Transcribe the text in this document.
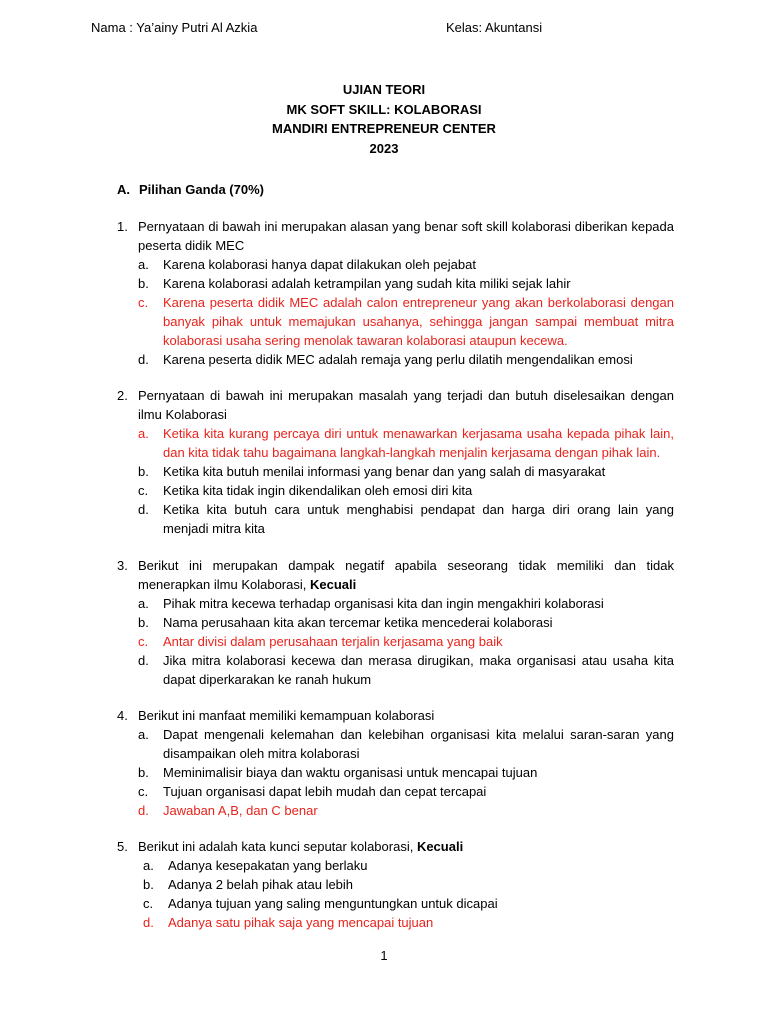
Nama : Ya’ainy Putri Al Azkia	Kelas: Akuntansi
UJIAN TEORI
MK SOFT SKILL: KOLABORASI
MANDIRI ENTREPRENEUR CENTER
2023
A. Pilihan Ganda (70%)
1. Pernyataan di bawah ini merupakan alasan yang benar soft skill kolaborasi diberikan kepada peserta didik MEC
a. Karena kolaborasi hanya dapat dilakukan oleh pejabat
b. Karena kolaborasi adalah ketrampilan yang sudah kita miliki sejak lahir
c. Karena peserta didik MEC adalah calon entrepreneur yang akan berkolaborasi dengan banyak pihak untuk memajukan usahanya, sehingga jangan sampai membuat mitra kolaborasi usaha sering menolak tawaran kolaborasi ataupun kecewa.
d. Karena peserta didik MEC adalah remaja yang perlu dilatih mengendalikan emosi
2. Pernyataan di bawah ini merupakan masalah yang terjadi dan butuh diselesaikan dengan ilmu Kolaborasi
a. Ketika kita kurang percaya diri untuk menawarkan kerjasama usaha kepada pihak lain, dan kita tidak tahu bagaimana langkah-langkah menjalin kerjasama dengan pihak lain.
b. Ketika kita butuh menilai informasi yang benar dan yang salah di masyarakat
c. Ketika kita tidak ingin dikendalikan oleh emosi diri kita
d. Ketika kita butuh cara untuk menghabisi pendapat dan harga diri orang lain yang menjadi mitra kita
3. Berikut ini merupakan dampak negatif apabila seseorang tidak memiliki dan tidak menerapkan ilmu Kolaborasi, Kecuali
a. Pihak mitra kecewa terhadap organisasi kita dan ingin mengakhiri kolaborasi
b. Nama perusahaan kita akan tercemar ketika mencederai kolaborasi
c. Antar divisi dalam perusahaan terjalin kerjasama yang baik
d. Jika mitra kolaborasi kecewa dan merasa dirugikan, maka organisasi atau usaha kita dapat diperkarakan ke ranah hukum
4. Berikut ini manfaat memiliki kemampuan kolaborasi
a. Dapat mengenali kelemahan dan kelebihan organisasi kita melalui saran-saran yang disampaikan oleh mitra kolaborasi
b. Meminimalisir biaya dan waktu organisasi untuk mencapai tujuan
c. Tujuan organisasi dapat lebih mudah dan cepat tercapai
d. Jawaban A,B, dan C benar
5. Berikut ini adalah kata kunci seputar kolaborasi, Kecuali
a. Adanya kesepakatan yang berlaku
b. Adanya 2 belah pihak atau lebih
c. Adanya tujuan yang saling menguntungkan untuk dicapai
d. Adanya satu pihak saja yang mencapai tujuan
1
